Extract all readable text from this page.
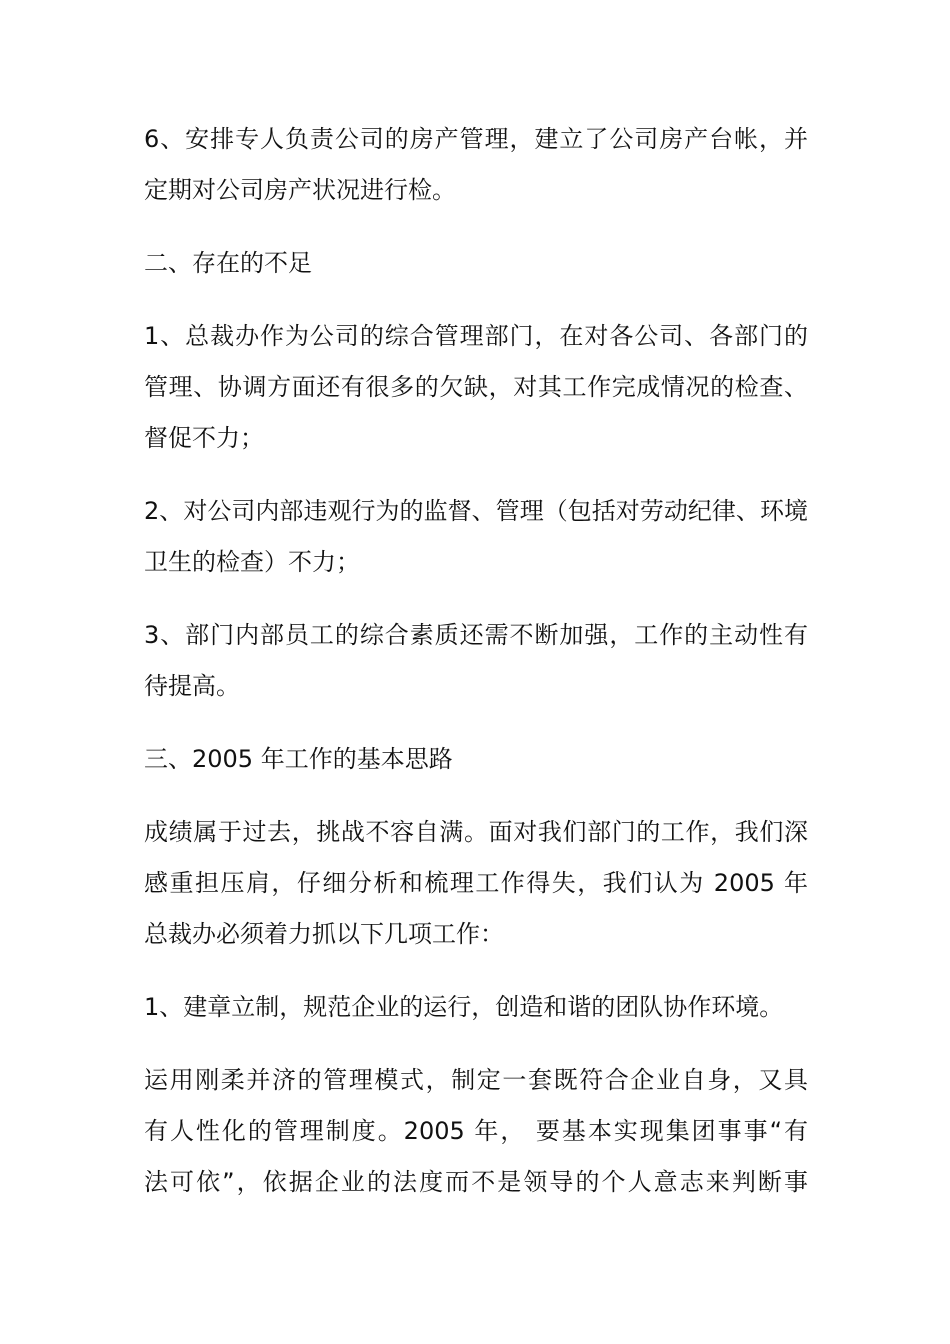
6、安排专人负责公司的房产管理，建立了公司房产台帐，并
定期对公司房产状况进行检。

二、存在的不足

1、总裁办作为公司的综合管理部门，在对各公司、各部门的
管理、协调方面还有很多的欠缺，对其工作完成情况的检查、
督促不力；

2、对公司内部违观行为的监督、管理（包括对劳动纪律、环境
卫生的检查）不力；

3、部门内部员工的综合素质还需不断加强，工作的主动性有
待提高。

三、2005 年工作的基本思路

成绩属于过去，挑战不容自满。面对我们部门的工作，我们深
感重担压肩，仔细分析和梳理工作得失，我们认为 2005 年
总裁办必须着力抓以下几项工作：

1、建章立制，规范企业的运行，创造和谐的团队协作环境。

运用刚柔并济的管理模式，制定一套既符合企业自身，又具
有人性化的管理制度。2005 年， 要基本实现集团事事“有
法可依”，依据企业的法度而不是领导的个人意志来判断事
